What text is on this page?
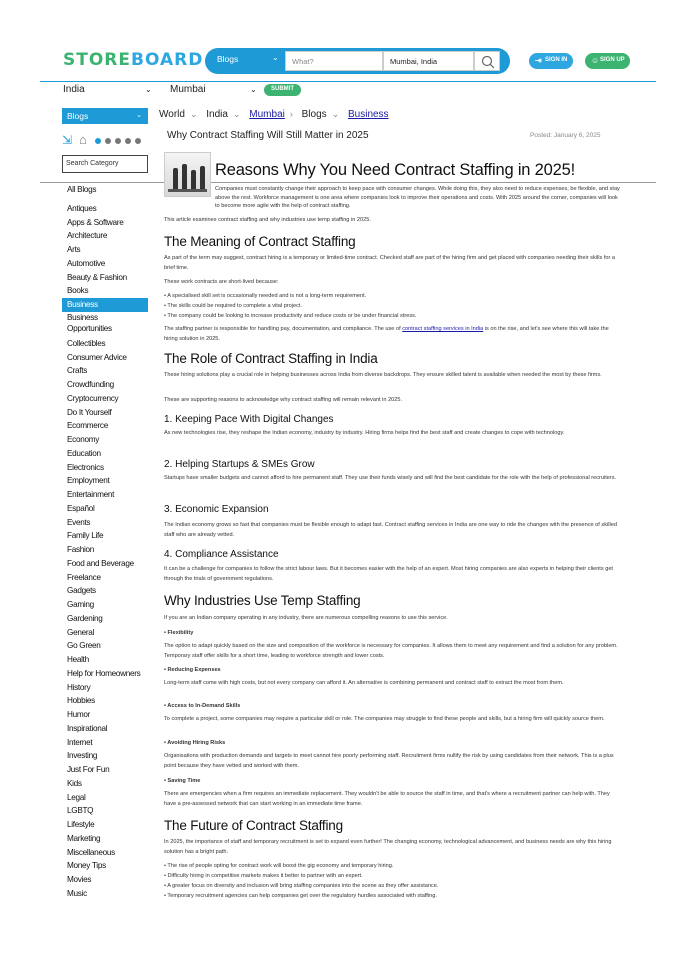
STOREBOARD Blogs	⌄	What?	Mumbai, India	⇥ SIGN IN	☺ SIGN UP
India	⌄ Mumbai	⌄	SUBMIT
Blogs	⌄
⇲ ⌂
Search Category
All Blogs
Antiques
Apps & Software
Architecture
Arts
Automotive
Beauty & Fashion
Books
Business
Business Opportunities
Collectibles
Consumer Advice
Crafts
Crowdfunding
Cryptocurrency
Do It Yourself
Ecommerce
Economy
Education
Electronics
Employment
Entertainment
Español
Events
Family Life
Fashion
Food and Beverage
Freelance
Gadgets
Gaming
Gardening
General
Go Green
Health
Help for Homeowners
History
Hobbies
Humor
Inspirational
Internet
Investing
Just For Fun
Kids
Legal
LGBTQ
Lifestyle
Marketing
Miscellaneous
Money Tips
Movies
Music
World ⌄ India ⌄ Mumbai › Blogs ⌄ Business
Why Contract Staffing Will Still Matter in 2025	Posted: January 6, 2025
Reasons Why You Need Contract Staffing in 2025!
Companies must constantly change their approach to keep pace with consumer changes. While doing this, they also need to reduce expenses, be flexible, and stay above the rest. Workforce management is one area where companies look to improve their operations and costs. With 2025 around the corner, companies will look to become more agile with the help of contract staffing.
This article examines contract staffing and why industries use temp staffing in 2025.
The Meaning of Contract Staffing
As part of the term may suggest, contract hiring is a temporary or limited-time contract. Checked staff are part of the hiring firm and get placed with companies needing their skills for a brief time.
These work contracts are short-lived because:
• A specialised skill set is occasionally needed and is not a long-term requirement.
• The skills could be required to complete a vital project.
• The company could be looking to increase productivity and reduce costs or be under financial stress.
The staffing partner is responsible for handling pay, documentation, and compliance. The use of contract staffing services in India is on the rise, and let's see where this will take the hiring solution in 2025.
The Role of Contract Staffing in India
These hiring solutions play a crucial role in helping businesses across India from diverse backdrops. They ensure skilled talent is available when needed the most by these firms.
These are supporting reasons to acknowledge why contract staffing will remain relevant in 2025.
1. Keeping Pace With Digital Changes
As new technologies rise, they reshape the Indian economy, industry by industry. Hiring firms helps find the best staff and create changes to cope with technology.
2. Helping Startups & SMEs Grow
Startups have smaller budgets and cannot afford to hire permanent staff. They use their funds wisely and will find the best candidate for the role with the help of professional recruiters.
3. Economic Expansion
The Indian economy grows so fast that companies must be flexible enough to adapt fast. Contract staffing services in India are one way to ride the changes with the presence of skilled staff who are already vetted.
4. Compliance Assistance
It can be a challenge for companies to follow the strict labour laws. But it becomes easier with the help of an expert. Most hiring companies are also experts in helping their clients get through the trials of government regulations.
Why Industries Use Temp Staffing
If you are an Indian company operating in any industry, there are numerous compelling reasons to use this service.
• Flexibility
The option to adapt quickly based on the size and composition of the workforce is necessary for companies. It allows them to meet any requirement and find a solution for any problem. Temporary staff offer skills for a short time, leading to workforce strength and lower costs.
• Reducing Expenses
Long-term staff come with high costs, but not every company can afford it. An alternative is combining permanent and contract staff to extract the most from them.
• Access to In-Demand Skills
To complete a project, some companies may require a particular skill or role. The companies may struggle to find these people and skills, but a hiring firm will quickly source them.
• Avoiding Hiring Risks
Organisations with production demands and targets to meet cannot hire poorly performing staff. Recruitment firms nullify the risk by using candidates from their network. This is a plus point because they have vetted and worked with them.
• Saving Time
There are emergencies when a firm requires an immediate replacement. They wouldn't be able to source the staff in time, and that's where a recruitment partner can help with. They have a pre-assessed network that can start working in an immediate time frame.
The Future of Contract Staffing
In 2025, the importance of staff and temporary recruitment is set to expand even further! The changing economy, technological advancement, and business needs are why this hiring solution has a bright path.
• The rise of people opting for contract work will boost the gig economy and temporary hiring.
• Difficulty hiring in competitive markets makes it better to partner with an expert.
• A greater focus on diversity and inclusion will bring staffing companies into the scene as they offer assistance.
• Temporary recruitment agencies can help companies get over the regulatory hurdles associated with staffing.
